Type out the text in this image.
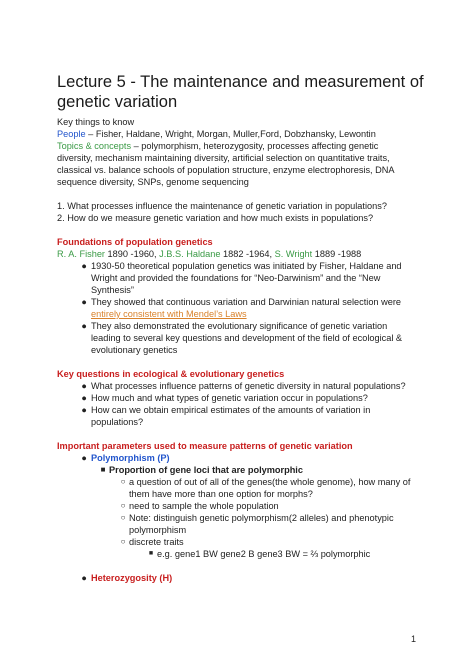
Lecture 5 - The maintenance and measurement of genetic variation
Key things to know
People – Fisher, Haldane, Wright, Morgan, Muller,Ford, Dobzhansky, Lewontin
Topics & concepts – polymorphism, heterozygosity, processes affecting genetic
diversity, mechanism maintaining diversity, artificial selection on quantitative traits,
classical vs. balance schools of population structure, enzyme electrophoresis, DNA
sequence diversity, SNPs, genome sequencing
1. What processes influence the maintenance of genetic variation in populations?
2. How do we measure genetic variation and how much exists in populations?
Foundations of population genetics
R. A. Fisher 1890 -1960, J.B.S. Haldane 1882 -1964, S. Wright 1889 -1988
● 1930-50 theoretical population genetics was initiated by Fisher, Haldane and
Wright and provided the foundations for “Neo-Darwinism” and the “New
Synthesis”
● They showed that continuous variation and Darwinian natural selection were
entirely consistent with Mendel’s Laws
● They also demonstrated the evolutionary significance of genetic variation
leading to several key questions and development of the field of ecological &
evolutionary genetics
Key questions in ecological & evolutionary genetics
● What processes influence patterns of genetic diversity in natural populations?
● How much and what types of genetic variation occur in populations?
● How can we obtain empirical estimates of the amounts of variation in
populations?
Important parameters used to measure patterns of genetic variation
● Polymorphism (P)
■ Proportion of gene loci that are polymorphic
○ a question of out of all of the genes(the whole genome), how many of
them have more than one option for morphs?
○ need to sample the whole population
○ Note: distinguish genetic polymorphism(2 alleles) and phenotypic
polymorphism
○ discrete traits
■ e.g. gene1 BW gene2 B gene3 BW = ⅔ polymorphic
● Heterozygosity (H)
1
